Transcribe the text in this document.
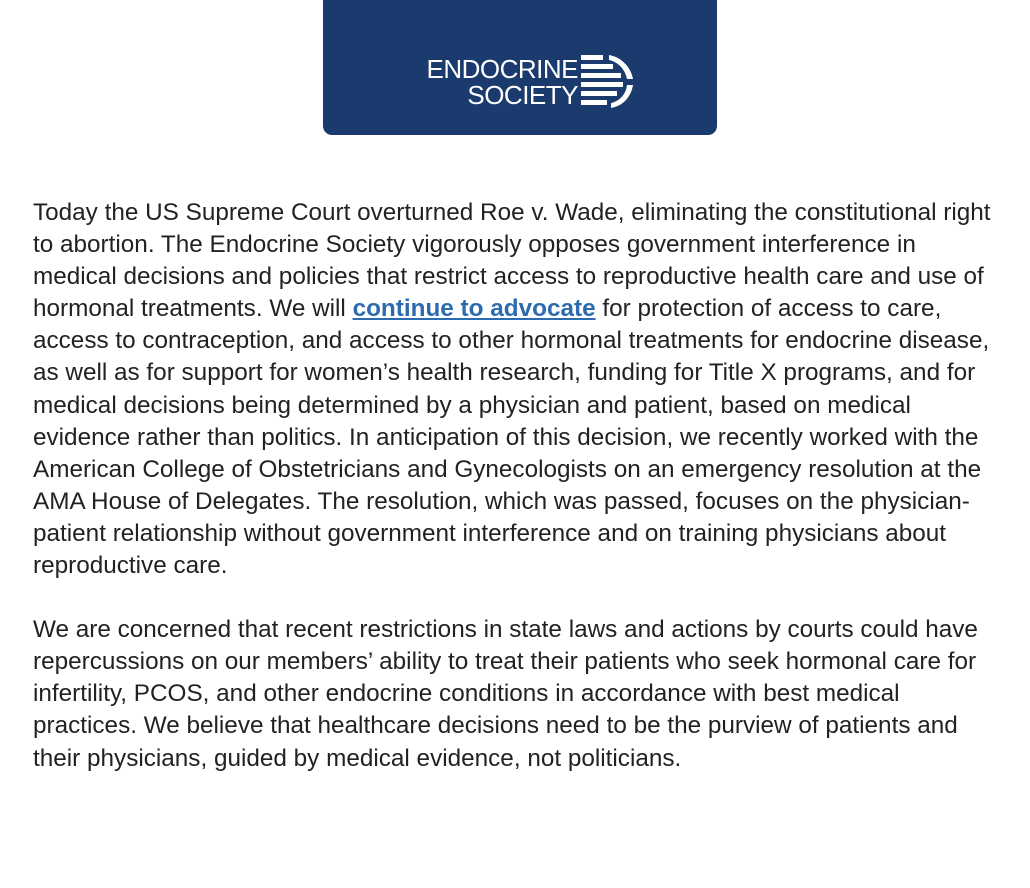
ENDOCRINE
SOCIETY

Today the US Supreme Court overturned Roe v. Wade, eliminating the constitutional right to abortion. The Endocrine Society vigorously opposes government interference in medical decisions and policies that restrict access to reproductive health care and use of hormonal treatments. We will continue to advocate for protection of access to care, access to contraception, and access to other hormonal treatments for endocrine disease, as well as for support for women’s health research, funding for Title X programs, and for medical decisions being determined by a physician and patient, based on medical evidence rather than politics. In anticipation of this decision, we recently worked with the American College of Obstetricians and Gynecologists on an emergency resolution at the AMA House of Delegates. The resolution, which was passed, focuses on the physician-patient relationship without government interference and on training physicians about reproductive care.

We are concerned that recent restrictions in state laws and actions by courts could have repercussions on our members’ ability to treat their patients who seek hormonal care for infertility, PCOS, and other endocrine conditions in accordance with best medical practices. We believe that healthcare decisions need to be the purview of patients and their physicians, guided by medical evidence, not politicians.
